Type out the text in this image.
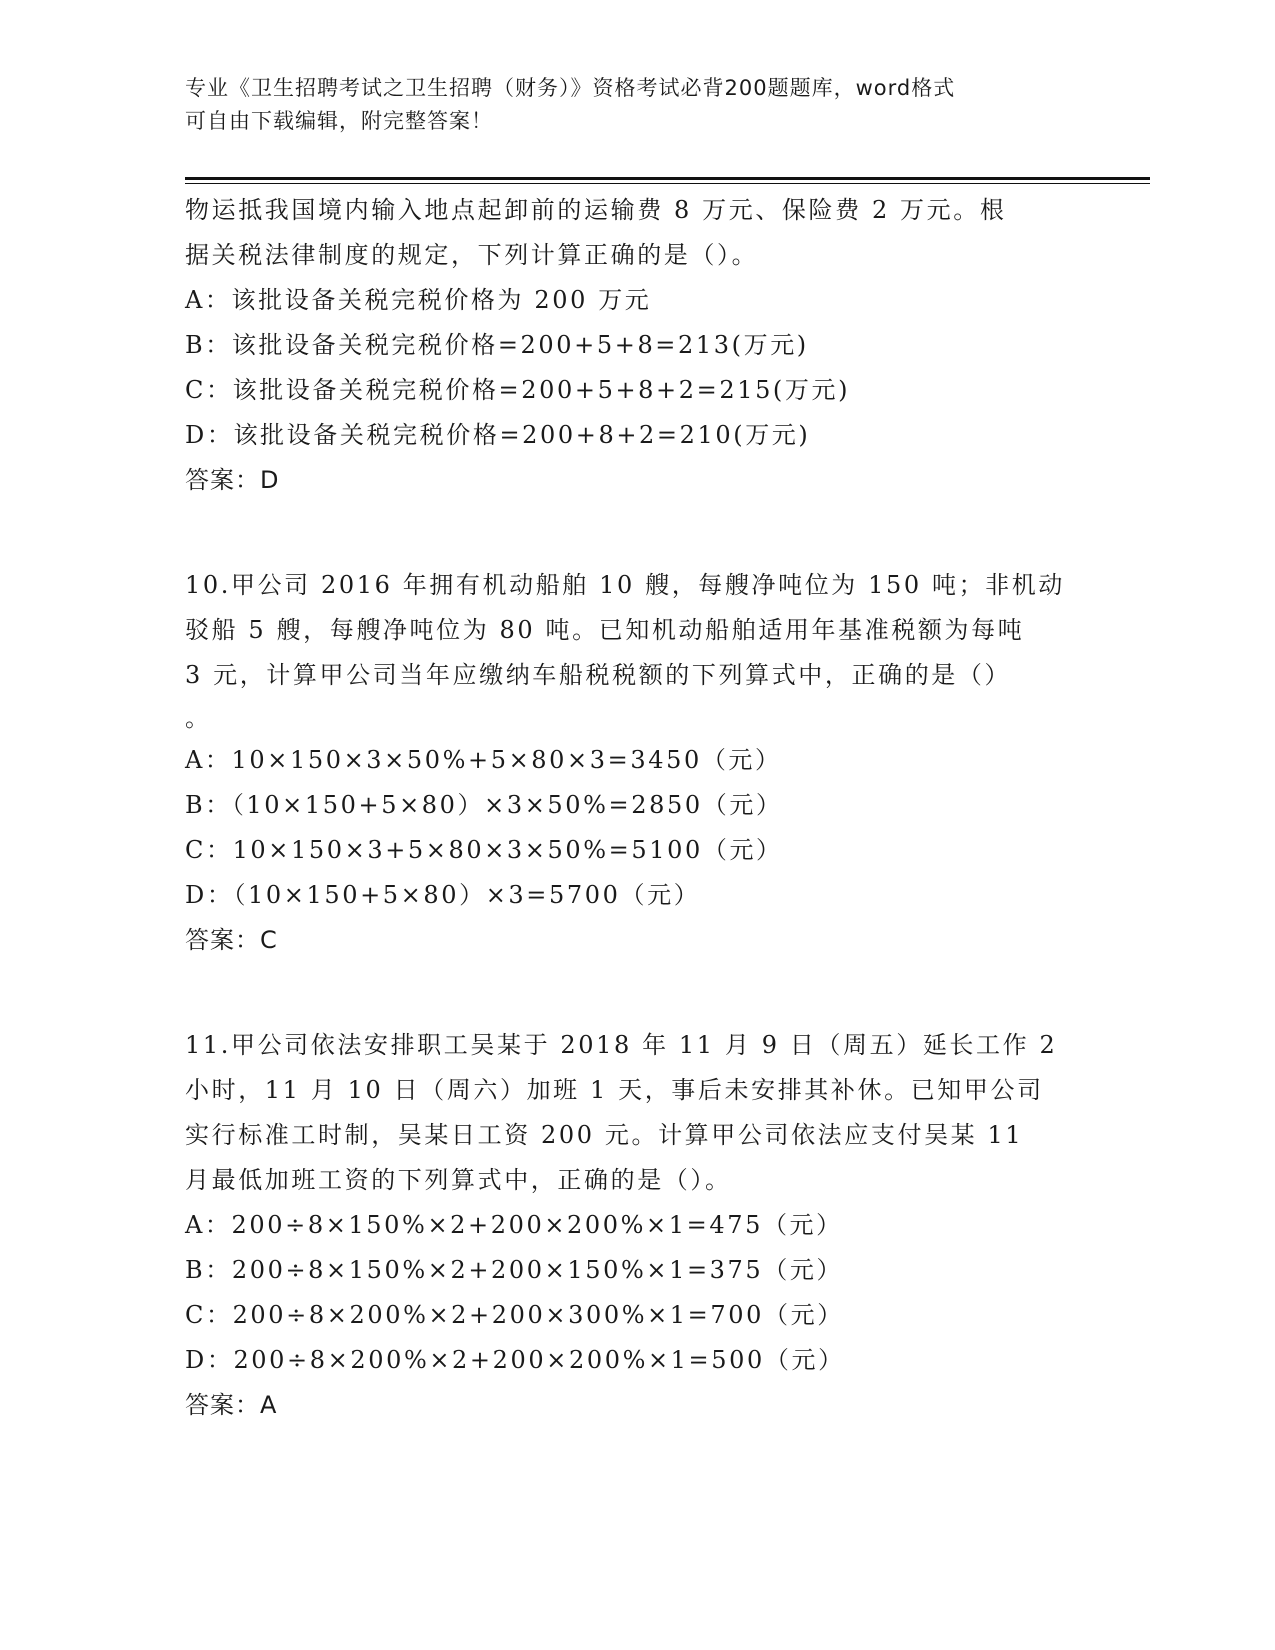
专业《卫生招聘考试之卫生招聘（财务）》资格考试必背200题题库，word格式
可自由下载编辑，附完整答案！
物运抵我国境内输入地点起卸前的运输费 8 万元、保险费 2 万元。根
据关税法律制度的规定，下列计算正确的是（）。
A：该批设备关税完税价格为 200 万元
B：该批设备关税完税价格=200+5+8=213(万元)
C：该批设备关税完税价格=200+5+8+2=215(万元)
D：该批设备关税完税价格=200+8+2=210(万元)
答案：D
10.甲公司 2016 年拥有机动船舶 10 艘，每艘净吨位为 150 吨；非机动
驳船 5 艘，每艘净吨位为 80 吨。已知机动船舶适用年基准税额为每吨
3 元，计算甲公司当年应缴纳车船税税额的下列算式中，正确的是（）
。
A：10×150×3×50%+5×80×3=3450（元）
B：（10×150+5×80）×3×50%=2850（元）
C：10×150×3+5×80×3×50%=5100（元）
D：（10×150+5×80）×3=5700（元）
答案：C
11.甲公司依法安排职工吴某于 2018 年 11 月 9 日（周五）延长工作 2
小时，11 月 10 日（周六）加班 1 天，事后未安排其补休。已知甲公司
实行标准工时制，吴某日工资 200 元。计算甲公司依法应支付吴某 11
月最低加班工资的下列算式中，正确的是（）。
A：200÷8×150%×2+200×200%×1=475（元）
B：200÷8×150%×2+200×150%×1=375（元）
C：200÷8×200%×2+200×300%×1=700（元）
D：200÷8×200%×2+200×200%×1=500（元）
答案：A
